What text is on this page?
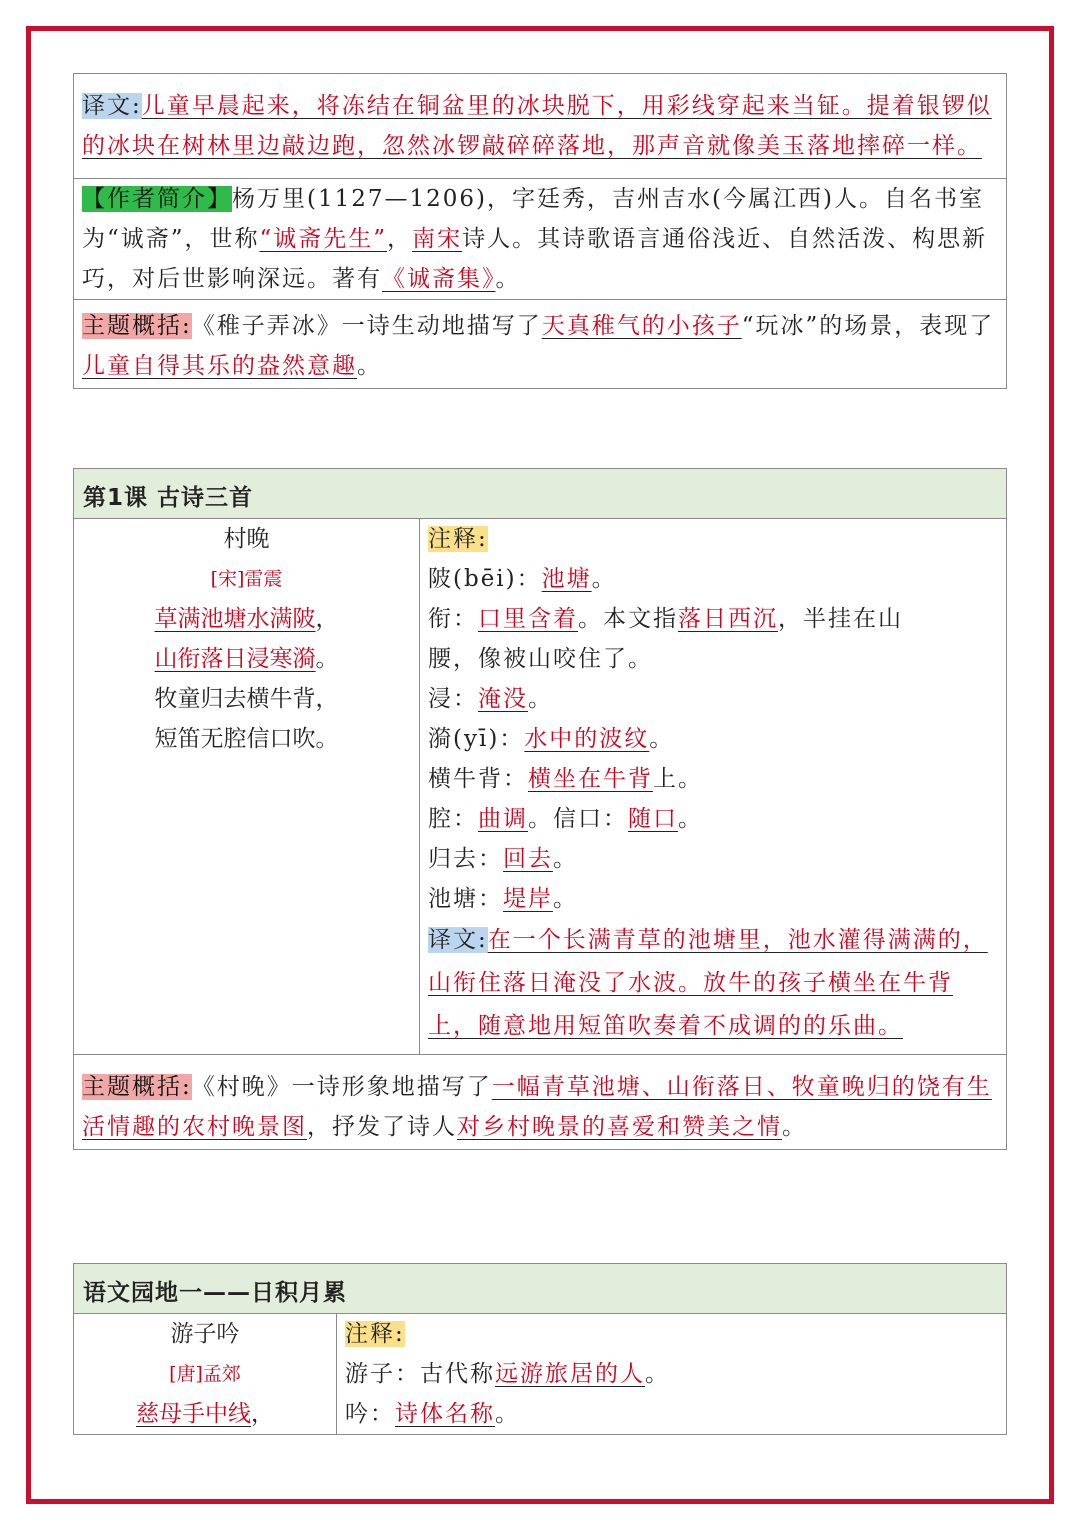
译文:儿童早晨起来，将冻结在铜盆里的冰块脱下，用彩线穿起来当钲。提着银锣似的冰块在树林里边敲边跑，忽然冰锣敲碎碎落地，那声音就像美玉落地摔碎一样。
【作者简介】杨万里(1127—1206)，字廷秀，吉州吉水(今属江西)人。自名书室为“诚斋”，世称“诚斋先生”，南宋诗人。其诗歌语言通俗浅近、自然活泼、构思新巧，对后世影响深远。著有《诚斋集》。
主题概括:《稚子弄冰》一诗生动地描写了天真稚气的小孩子“玩冰”的场景，表现了儿童自得其乐的盎然意趣。
第1课 古诗三首
村晚
[宋]雷震
草满池塘水满陂，
山衔落日浸寒漪。
牧童归去横牛背，
短笛无腔信口吹。
注释:
陂(bēi)：池塘。
衔：口里含着。本文指落日西沉，半挂在山
腰，像被山咬住了。
浸：淹没。
漪(yī)：水中的波纹。
横牛背：横坐在牛背上。
腔：曲调。信口：随口。
归去：回去。
池塘：堤岸。
译文:在一个长满青草的池塘里，池水灌得满满的，山衔住落日淹没了水波。放牛的孩子横坐在牛背上，随意地用短笛吹奏着不成调的的乐曲。
主题概括:《村晚》一诗形象地描写了一幅青草池塘、山衔落日、牧童晚归的饶有生活情趣的农村晚景图，抒发了诗人对乡村晚景的喜爱和赞美之情。
语文园地一——日积月累
游子吟
[唐]孟郊
慈母手中线，
注释:
游子：古代称远游旅居的人。
吟：诗体名称。
